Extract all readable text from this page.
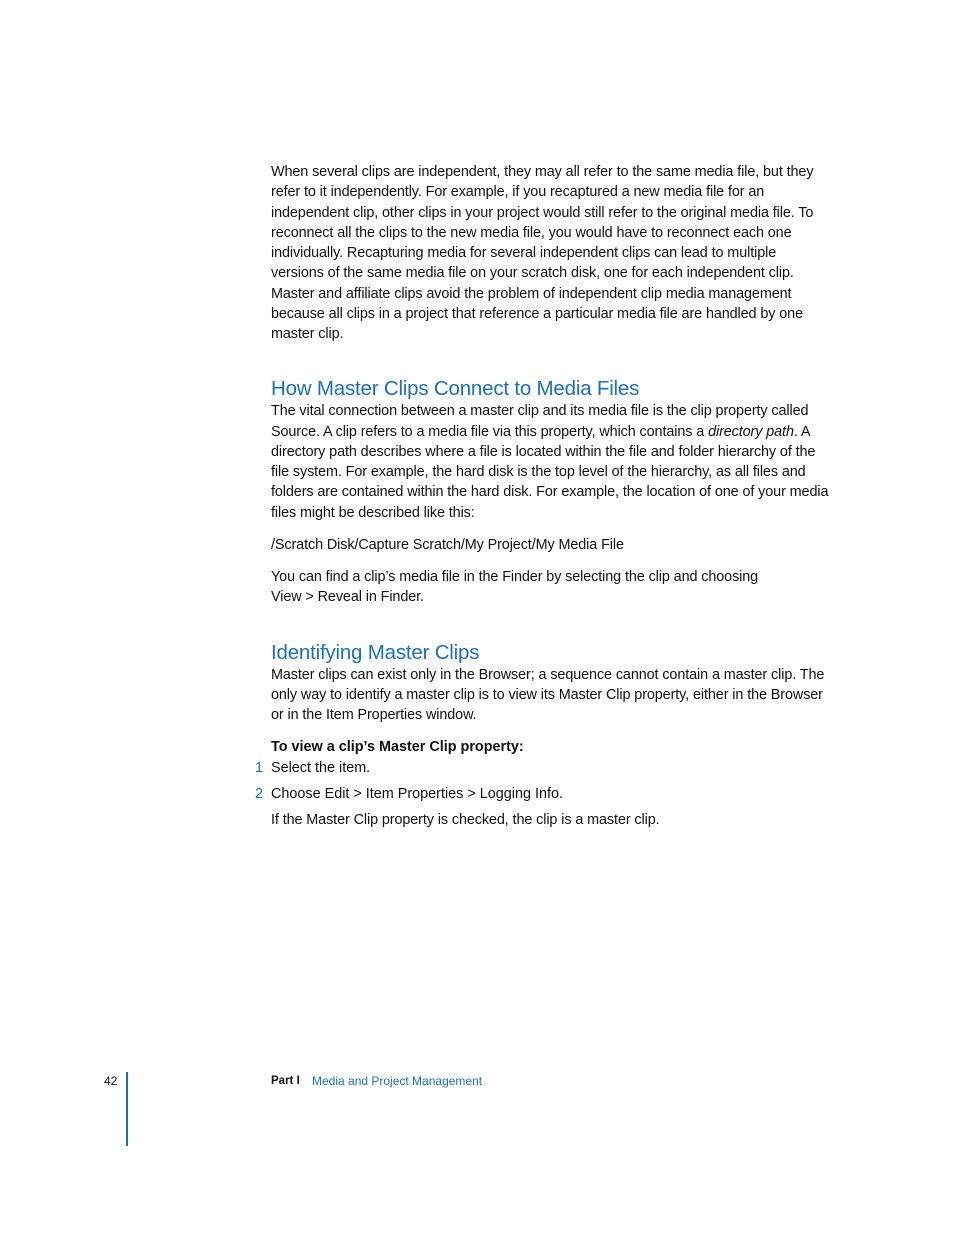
When several clips are independent, they may all refer to the same media file, but they refer to it independently. For example, if you recaptured a new media file for an independent clip, other clips in your project would still refer to the original media file. To reconnect all the clips to the new media file, you would have to reconnect each one individually. Recapturing media for several independent clips can lead to multiple versions of the same media file on your scratch disk, one for each independent clip. Master and affiliate clips avoid the problem of independent clip media management because all clips in a project that reference a particular media file are handled by one master clip.

How Master Clips Connect to Media Files

The vital connection between a master clip and its media file is the clip property called Source. A clip refers to a media file via this property, which contains a directory path. A directory path describes where a file is located within the file and folder hierarchy of the file system. For example, the hard disk is the top level of the hierarchy, as all files and folders are contained within the hard disk. For example, the location of one of your media files might be described like this:

/Scratch Disk/Capture Scratch/My Project/My Media File

You can find a clip’s media file in the Finder by selecting the clip and choosing
View > Reveal in Finder.

Identifying Master Clips

Master clips can exist only in the Browser; a sequence cannot contain a master clip. The only way to identify a master clip is to view its Master Clip property, either in the Browser or in the Item Properties window.

To view a clip’s Master Clip property:

1 Select the item.

2 Choose Edit > Item Properties > Logging Info.

If the Master Clip property is checked, the clip is a master clip.

42	Part I Media and Project Management
